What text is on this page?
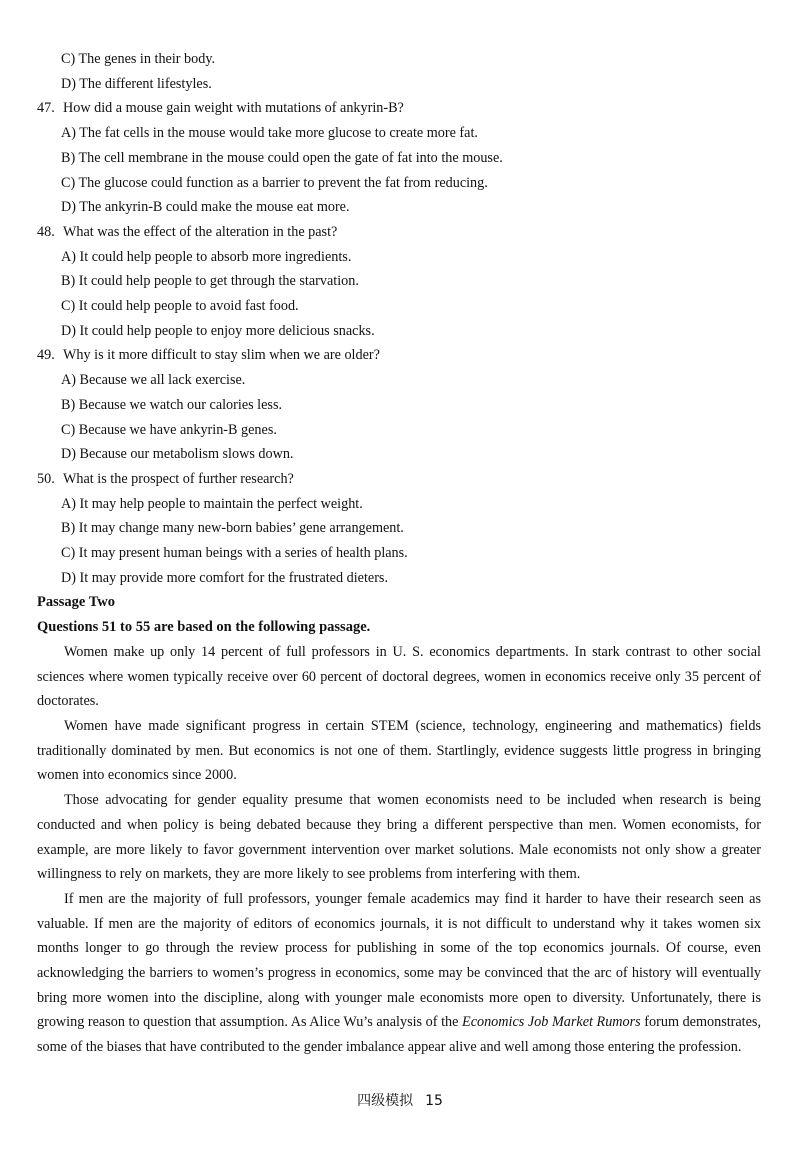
C) The genes in their body.
D) The different lifestyles.
47. How did a mouse gain weight with mutations of ankyrin-B?
A) The fat cells in the mouse would take more glucose to create more fat.
B) The cell membrane in the mouse could open the gate of fat into the mouse.
C) The glucose could function as a barrier to prevent the fat from reducing.
D) The ankyrin-B could make the mouse eat more.
48. What was the effect of the alteration in the past?
A) It could help people to absorb more ingredients.
B) It could help people to get through the starvation.
C) It could help people to avoid fast food.
D) It could help people to enjoy more delicious snacks.
49. Why is it more difficult to stay slim when we are older?
A) Because we all lack exercise.
B) Because we watch our calories less.
C) Because we have ankyrin-B genes.
D) Because our metabolism slows down.
50. What is the prospect of further research?
A) It may help people to maintain the perfect weight.
B) It may change many new-born babies’ gene arrangement.
C) It may present human beings with a series of health plans.
D) It may provide more comfort for the frustrated dieters.
Passage Two
Questions 51 to 55 are based on the following passage.

Women make up only 14 percent of full professors in U. S. economics departments. In stark contrast to other social sciences where women typically receive over 60 percent of doctoral degrees, women in economics receive only 35 percent of doctorates.

Women have made significant progress in certain STEM (science, technology, engineering and mathematics) fields traditionally dominated by men. But economics is not one of them. Startlingly, evidence suggests little progress in bringing women into economics since 2000.

Those advocating for gender equality presume that women economists need to be included when research is being conducted and when policy is being debated because they bring a different perspective than men. Women economists, for example, are more likely to favor government intervention over market solutions. Male economists not only show a greater willingness to rely on markets, they are more likely to see problems from interfering with them.

If men are the majority of full professors, younger female academics may find it harder to have their research seen as valuable. If men are the majority of editors of economics journals, it is not difficult to understand why it takes women six months longer to go through the review process for publishing in some of the top economics journals. Of course, even acknowledging the barriers to women’s progress in economics, some may be convinced that the arc of history will eventually bring more women into the discipline, along with younger male economists more open to diversity. Unfortunately, there is growing reason to question that assumption. As Alice Wu’s analysis of the Economics Job Market Rumors forum demonstrates, some of the biases that have contributed to the gender imbalance appear alive and well among those entering the profession.

四级模拟 15
